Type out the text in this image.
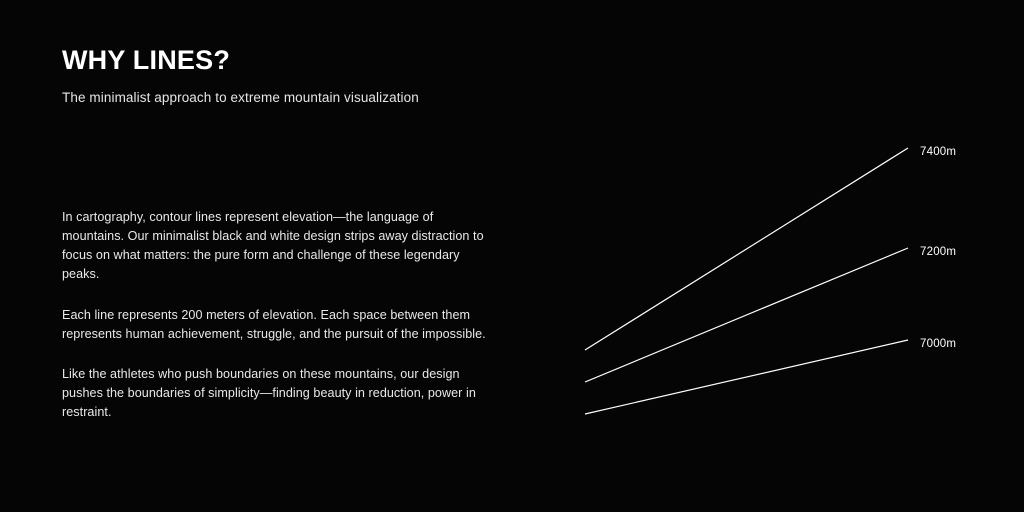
WHY LINES?

The minimalist approach to extreme mountain visualization

In cartography, contour lines represent elevation—the language of mountains. Our minimalist black and white design strips away distraction to focus on what matters: the pure form and challenge of these legendary peaks.

Each line represents 200 meters of elevation. Each space between them represents human achievement, struggle, and the pursuit of the impossible.

Like the athletes who push boundaries on these mountains, our design pushes the boundaries of simplicity—finding beauty in reduction, power in restraint.

7400m
7200m
7000m
